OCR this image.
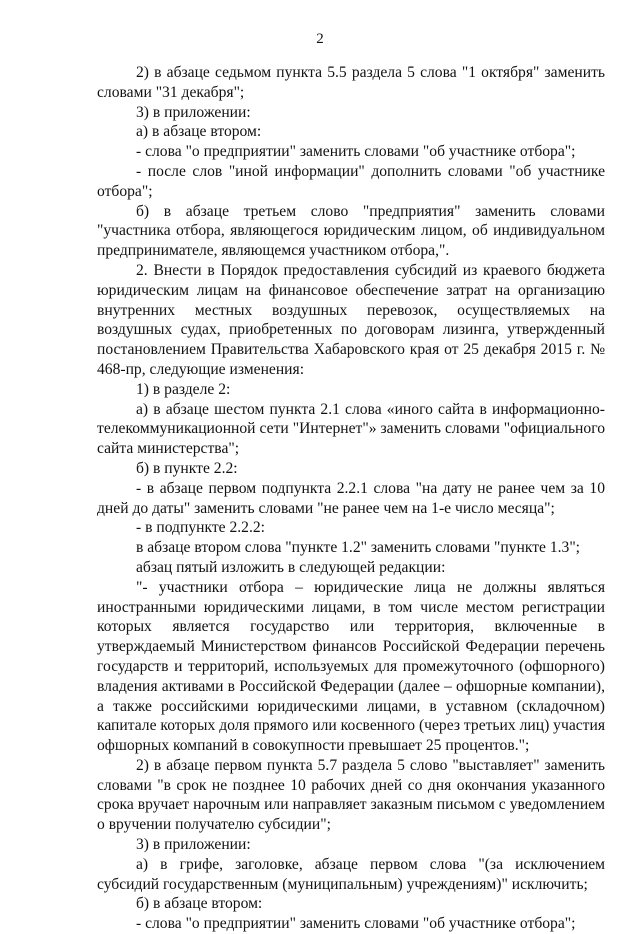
2

2) в абзаце седьмом пункта 5.5 раздела 5 слова "1 октября" заменить словами "31 декабря";

3) в приложении:

а) в абзаце втором:

- слова "о предприятии" заменить словами "об участнике отбора";

- после слов "иной информации" дополнить словами "об участнике отбора";

б) в абзаце третьем слово "предприятия" заменить словами "участника отбора, являющегося юридическим лицом, об индивидуальном предпринимателе, являющемся участником отбора,".

2. Внести в Порядок предоставления субсидий из краевого бюджета юридическим лицам на финансовое обеспечение затрат на организацию внутренних местных воздушных перевозок, осуществляемых на воздушных судах, приобретенных по договорам лизинга, утвержденный постановлением Правительства Хабаровского края от 25 декабря 2015 г. № 468-пр, следующие изменения:

1) в разделе 2:

а) в абзаце шестом пункта 2.1 слова «иного сайта в информационно-телекоммуникационной сети "Интернет"» заменить словами "официального сайта министерства";

б) в пункте 2.2:

- в абзаце первом подпункта 2.2.1 слова "на дату не ранее чем за 10 дней до даты" заменить словами "не ранее чем на 1-е число месяца";

- в подпункте 2.2.2:

в абзаце втором слова "пункте 1.2" заменить словами "пункте 1.3";

абзац пятый изложить в следующей редакции:

"- участники отбора – юридические лица не должны являться иностранными юридическими лицами, в том числе местом регистрации которых является государство или территория, включенные в утверждаемый Министерством финансов Российской Федерации перечень государств и территорий, используемых для промежуточного (офшорного) владения активами в Российской Федерации (далее – офшорные компании), а также российскими юридическими лицами, в уставном (складочном) капитале которых доля прямого или косвенного (через третьих лиц) участия офшорных компаний в совокупности превышает 25 процентов.";

2) в абзаце первом пункта 5.7 раздела 5 слово "выставляет" заменить словами "в срок не позднее 10 рабочих дней со дня окончания указанного срока вручает нарочным или направляет заказным письмом с уведомлением о вручении получателю субсидии";

3) в приложении:

а) в грифе, заголовке, абзаце первом слова "(за исключением субсидий государственным (муниципальным) учреждениям)" исключить;

б) в абзаце втором:

- слова "о предприятии" заменить словами "об участнике отбора";
